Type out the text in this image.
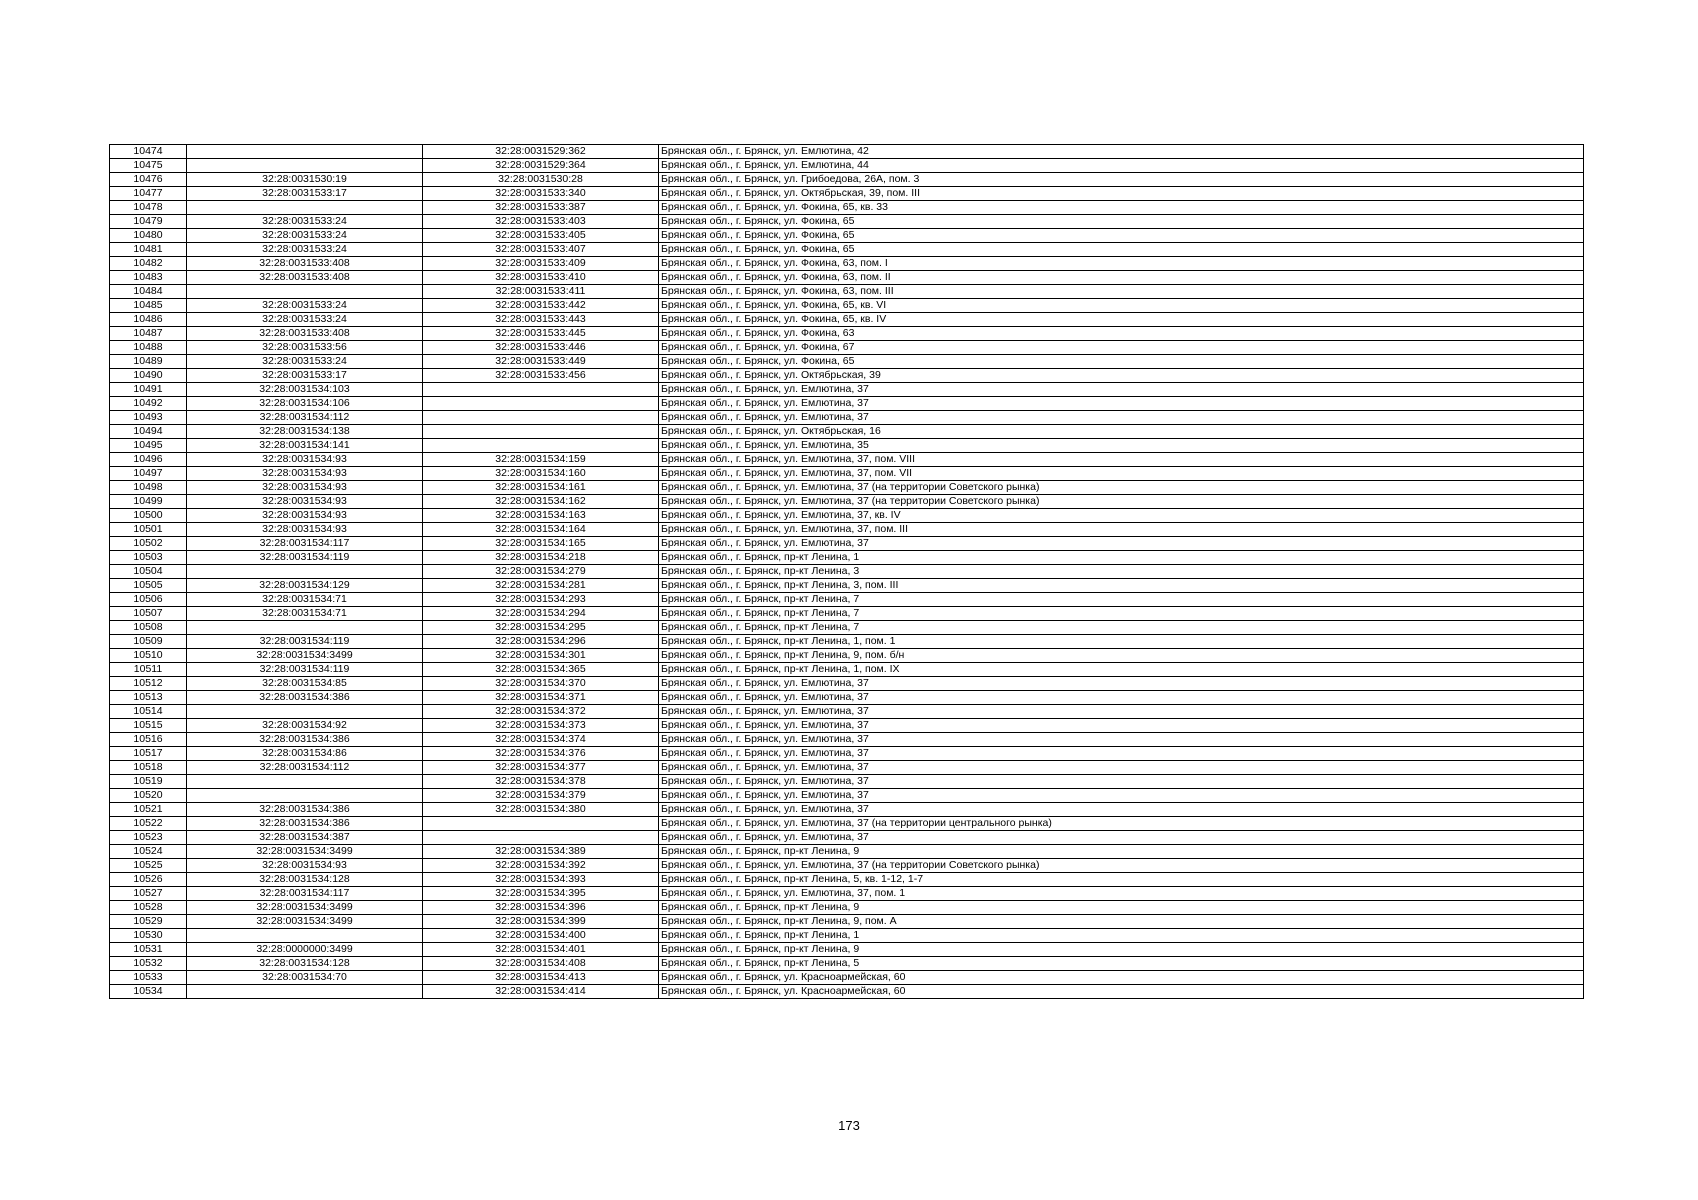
10474		32:28:0031529:362	Брянская обл., г. Брянск, ул. Емлютина, 42
10475		32:28:0031529:364	Брянская обл., г. Брянск, ул. Емлютина, 44
10476	32:28:0031530:19	32:28:0031530:28	Брянская обл., г. Брянск, ул. Грибоедова, 26А, пом. 3
10477	32:28:0031533:17	32:28:0031533:340	Брянская обл., г. Брянск, ул. Октябрьская, 39, пом. III
10478		32:28:0031533:387	Брянская обл., г. Брянск, ул. Фокина, 65, кв. 33
10479	32:28:0031533:24	32:28:0031533:403	Брянская обл., г. Брянск, ул. Фокина, 65
10480	32:28:0031533:24	32:28:0031533:405	Брянская обл., г. Брянск, ул. Фокина, 65
10481	32:28:0031533:24	32:28:0031533:407	Брянская обл., г. Брянск, ул. Фокина, 65
10482	32:28:0031533:408	32:28:0031533:409	Брянская обл., г. Брянск, ул. Фокина, 63, пом. I
10483	32:28:0031533:408	32:28:0031533:410	Брянская обл., г. Брянск, ул. Фокина, 63, пом. II
10484		32:28:0031533:411	Брянская обл., г. Брянск, ул. Фокина, 63, пом. III
10485	32:28:0031533:24	32:28:0031533:442	Брянская обл., г. Брянск, ул. Фокина, 65, кв. VI
10486	32:28:0031533:24	32:28:0031533:443	Брянская обл., г. Брянск, ул. Фокина, 65, кв. IV
10487	32:28:0031533:408	32:28:0031533:445	Брянская обл., г. Брянск, ул. Фокина, 63
10488	32:28:0031533:56	32:28:0031533:446	Брянская обл., г. Брянск, ул. Фокина, 67
10489	32:28:0031533:24	32:28:0031533:449	Брянская обл., г. Брянск, ул. Фокина, 65
10490	32:28:0031533:17	32:28:0031533:456	Брянская обл., г. Брянск, ул. Октябрьская, 39
10491	32:28:0031534:103		Брянская обл., г. Брянск, ул. Емлютина, 37
10492	32:28:0031534:106		Брянская обл., г. Брянск, ул. Емлютина, 37
10493	32:28:0031534:112		Брянская обл., г. Брянск, ул. Емлютина, 37
10494	32:28:0031534:138		Брянская обл., г. Брянск, ул. Октябрьская, 16
10495	32:28:0031534:141		Брянская обл., г. Брянск, ул. Емлютина, 35
10496	32:28:0031534:93	32:28:0031534:159	Брянская обл., г. Брянск, ул. Емлютина, 37, пом. VIII
10497	32:28:0031534:93	32:28:0031534:160	Брянская обл., г. Брянск, ул. Емлютина, 37, пом. VII
10498	32:28:0031534:93	32:28:0031534:161	Брянская обл., г. Брянск, ул. Емлютина, 37 (на территории Советского рынка)
10499	32:28:0031534:93	32:28:0031534:162	Брянская обл., г. Брянск, ул. Емлютина, 37 (на территории Советского рынка)
10500	32:28:0031534:93	32:28:0031534:163	Брянская обл., г. Брянск, ул. Емлютина, 37, кв. IV
10501	32:28:0031534:93	32:28:0031534:164	Брянская обл., г. Брянск, ул. Емлютина, 37, пом. III
10502	32:28:0031534:117	32:28:0031534:165	Брянская обл., г. Брянск, ул. Емлютина, 37
10503	32:28:0031534:119	32:28:0031534:218	Брянская обл., г. Брянск, пр-кт Ленина, 1
10504		32:28:0031534:279	Брянская обл., г. Брянск, пр-кт Ленина, 3
10505	32:28:0031534:129	32:28:0031534:281	Брянская обл., г. Брянск, пр-кт Ленина, 3, пом. III
10506	32:28:0031534:71	32:28:0031534:293	Брянская обл., г. Брянск, пр-кт Ленина, 7
10507	32:28:0031534:71	32:28:0031534:294	Брянская обл., г. Брянск, пр-кт Ленина, 7
10508		32:28:0031534:295	Брянская обл., г. Брянск, пр-кт Ленина, 7
10509	32:28:0031534:119	32:28:0031534:296	Брянская обл., г. Брянск, пр-кт Ленина, 1, пом. 1
10510	32:28:0031534:3499	32:28:0031534:301	Брянская обл., г. Брянск, пр-кт Ленина, 9, пом. б/н
10511	32:28:0031534:119	32:28:0031534:365	Брянская обл., г. Брянск, пр-кт Ленина, 1, пом. IX
10512	32:28:0031534:85	32:28:0031534:370	Брянская обл., г. Брянск, ул. Емлютина, 37
10513	32:28:0031534:386	32:28:0031534:371	Брянская обл., г. Брянск, ул. Емлютина, 37
10514		32:28:0031534:372	Брянская обл., г. Брянск, ул. Емлютина, 37
10515	32:28:0031534:92	32:28:0031534:373	Брянская обл., г. Брянск, ул. Емлютина, 37
10516	32:28:0031534:386	32:28:0031534:374	Брянская обл., г. Брянск, ул. Емлютина, 37
10517	32:28:0031534:86	32:28:0031534:376	Брянская обл., г. Брянск, ул. Емлютина, 37
10518	32:28:0031534:112	32:28:0031534:377	Брянская обл., г. Брянск, ул. Емлютина, 37
10519		32:28:0031534:378	Брянская обл., г. Брянск, ул. Емлютина, 37
10520		32:28:0031534:379	Брянская обл., г. Брянск, ул. Емлютина, 37
10521	32:28:0031534:386	32:28:0031534:380	Брянская обл., г. Брянск, ул. Емлютина, 37
10522	32:28:0031534:386		Брянская обл., г. Брянск, ул. Емлютина, 37 (на территории центрального рынка)
10523	32:28:0031534:387		Брянская обл., г. Брянск, ул. Емлютина, 37
10524	32:28:0031534:3499	32:28:0031534:389	Брянская обл., г. Брянск, пр-кт Ленина, 9
10525	32:28:0031534:93	32:28:0031534:392	Брянская обл., г. Брянск, ул. Емлютина, 37 (на территории Советского рынка)
10526	32:28:0031534:128	32:28:0031534:393	Брянская обл., г. Брянск, пр-кт Ленина, 5, кв. 1-12, 1-7
10527	32:28:0031534:117	32:28:0031534:395	Брянская обл., г. Брянск, ул. Емлютина, 37, пом. 1
10528	32:28:0031534:3499	32:28:0031534:396	Брянская обл., г. Брянск, пр-кт Ленина, 9
10529	32:28:0031534:3499	32:28:0031534:399	Брянская обл., г. Брянск, пр-кт Ленина, 9, пом. А
10530		32:28:0031534:400	Брянская обл., г. Брянск, пр-кт Ленина, 1
10531	32:28:0000000:3499	32:28:0031534:401	Брянская обл., г. Брянск, пр-кт Ленина, 9
10532	32:28:0031534:128	32:28:0031534:408	Брянская обл., г. Брянск, пр-кт Ленина, 5
10533	32:28:0031534:70	32:28:0031534:413	Брянская обл., г. Брянск, ул. Красноармейская, 60
10534		32:28:0031534:414	Брянская обл., г. Брянск, ул. Красноармейская, 60
173
